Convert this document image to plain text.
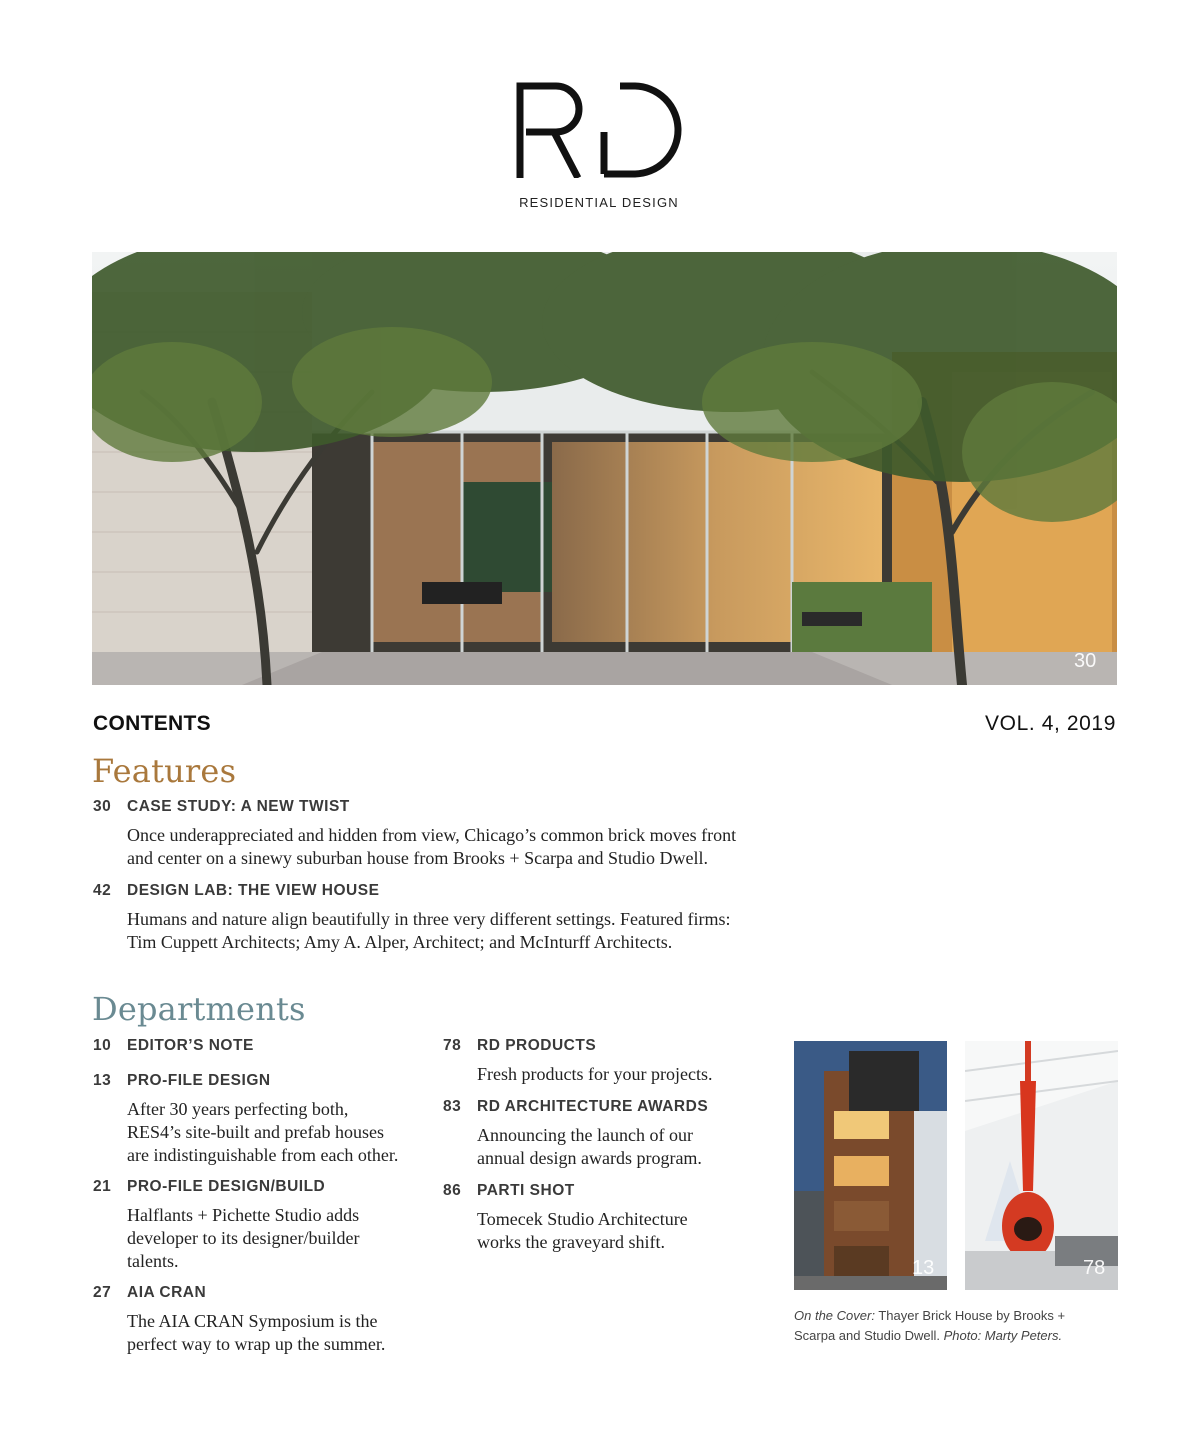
RESIDENTIAL DESIGN
30
CONTENTS	VOL. 4, 2019
Features
30	CASE STUDY: A NEW TWIST
Once underappreciated and hidden from view, Chicago’s common brick moves front
and center on a sinewy suburban house from Brooks + Scarpa and Studio Dwell.
42	DESIGN LAB: THE VIEW HOUSE
Humans and nature align beautifully in three very different settings. Featured firms:
Tim Cuppett Architects; Amy A. Alper, Architect; and McInturff Architects.
Departments
10	EDITOR’S NOTE
13	PRO-FILE DESIGN
After 30 years perfecting both,
RES4’s site-built and prefab houses
are indistinguishable from each other.
21	PRO-FILE DESIGN/BUILD
Halflants + Pichette Studio adds
developer to its designer/builder
talents.
27	AIA CRAN
The AIA CRAN Symposium is the
perfect way to wrap up the summer.
78	RD PRODUCTS
Fresh products for your projects.
83	RD ARCHITECTURE AWARDS
Announcing the launch of our
annual design awards program.
86	PARTI SHOT
Tomecek Studio Architecture
works the graveyard shift.
13	78
On the Cover: Thayer Brick House by Brooks + Scarpa and Studio Dwell. Photo: Marty Peters.
